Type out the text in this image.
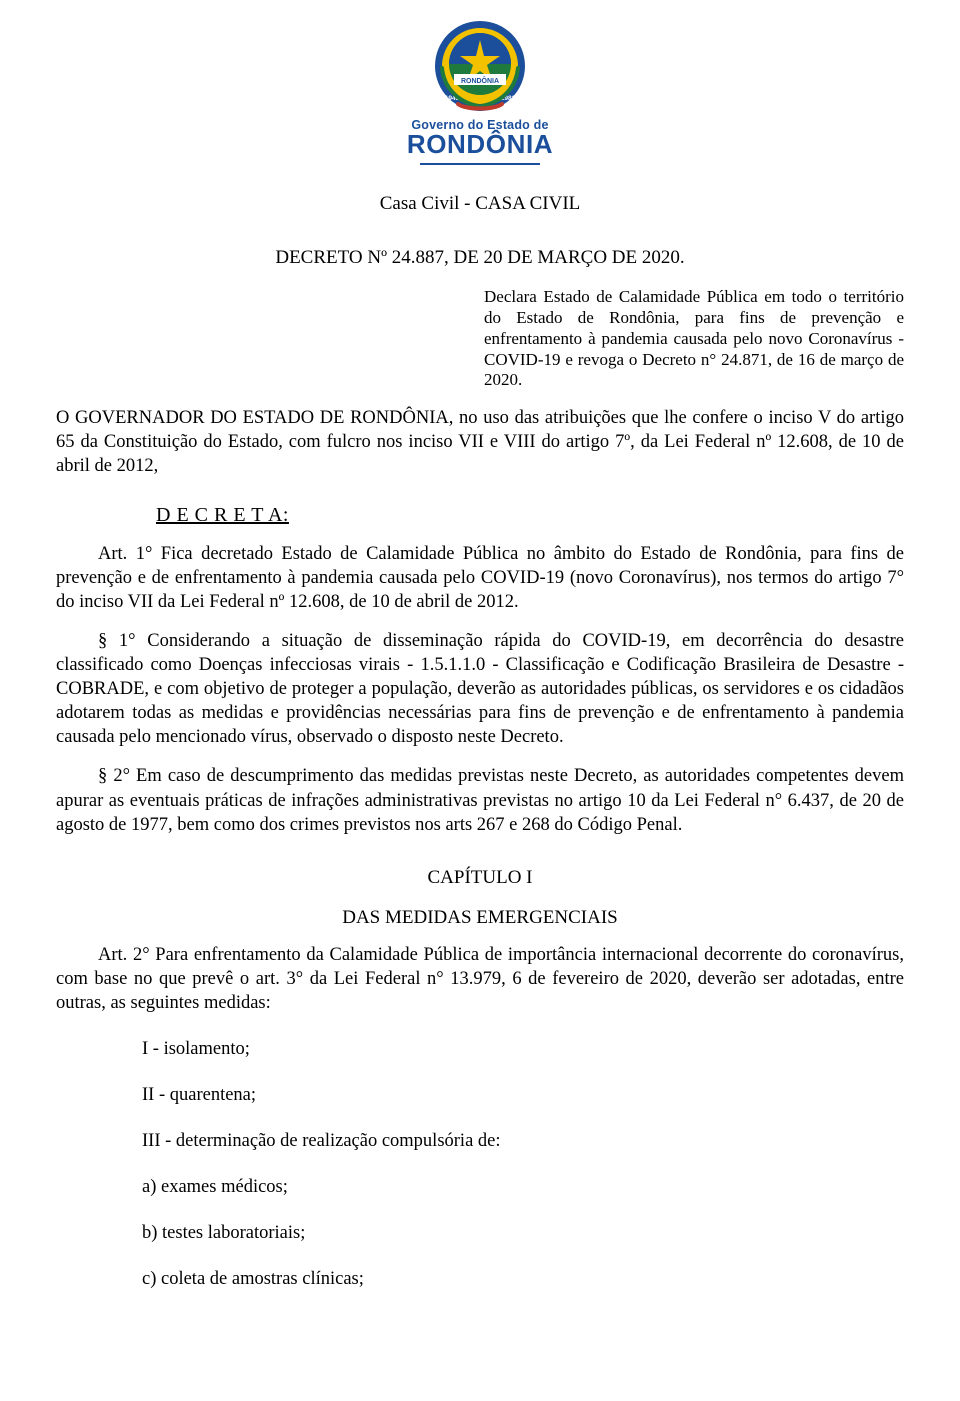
RONDÔNIA
1943	1981
Governo do Estado de
RONDÔNIA
Casa Civil - CASA CIVIL
DECRETO Nº 24.887, DE 20 DE MARÇO DE 2020.
Declara Estado de Calamidade Pública em todo o território do Estado de Rondônia, para fins de prevenção e enfrentamento à pandemia causada pelo novo Coronavírus - COVID-19 e revoga o Decreto n° 24.871, de 16 de março de 2020.

O GOVERNADOR DO ESTADO DE RONDÔNIA, no uso das atribuições que lhe confere o inciso V do artigo 65 da Constituição do Estado, com fulcro nos inciso VII e VIII do artigo 7º, da Lei Federal nº 12.608, de 10 de abril de 2012,

D E C R E T A:

Art. 1° Fica decretado Estado de Calamidade Pública no âmbito do Estado de Rondônia, para fins de prevenção e de enfrentamento à pandemia causada pelo COVID-19 (novo Coronavírus), nos termos do artigo 7° do inciso VII da Lei Federal nº 12.608, de 10 de abril de 2012.

§ 1° Considerando a situação de disseminação rápida do COVID-19, em decorrência do desastre classificado como Doenças infecciosas virais - 1.5.1.1.0 - Classificação e Codificação Brasileira de Desastre - COBRADE, e com objetivo de proteger a população, deverão as autoridades públicas, os servidores e os cidadãos adotarem todas as medidas e providências necessárias para fins de prevenção e de enfrentamento à pandemia causada pelo mencionado vírus, observado o disposto neste Decreto.

§ 2° Em caso de descumprimento das medidas previstas neste Decreto, as autoridades competentes devem apurar as eventuais práticas de infrações administrativas previstas no artigo 10 da Lei Federal n° 6.437, de 20 de agosto de 1977, bem como dos crimes previstos nos arts 267 e 268 do Código Penal.

CAPÍTULO I
DAS MEDIDAS EMERGENCIAIS

Art. 2° Para enfrentamento da Calamidade Pública de importância internacional decorrente do coronavírus, com base no que prevê o art. 3° da Lei Federal n° 13.979, 6 de fevereiro de 2020, deverão ser adotadas, entre outras, as seguintes medidas:

I - isolamento;

II - quarentena;

III - determinação de realização compulsória de:

a) exames médicos;

b) testes laboratoriais;

c) coleta de amostras clínicas;
